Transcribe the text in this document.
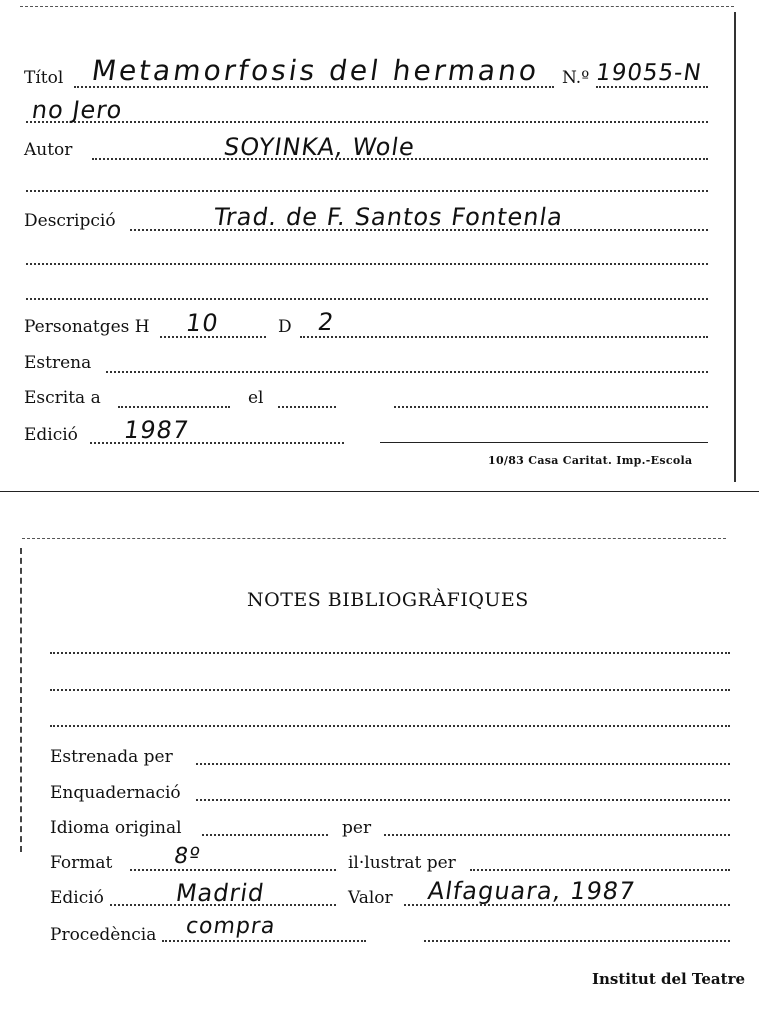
Títol Metamorfosis del hermano N.º 19055-N
no Jero
Autor	SOYINKA, Wole
Descripció	Trad. de F. Santos Fontenla
Personatges H 10	D 2
Estrena
Escrita a	el
Edició 1987
10/83 Casa Caritat. Imp.-Escola
NOTES BIBLIOGRÀFIQUES
Estrenada per
Enquadernació
Idioma original	per
Format	8º	il·lustrat per
Edició	Madrid	Valor Alfaguara, 1987
Procedència compra
Institut del Teatre
